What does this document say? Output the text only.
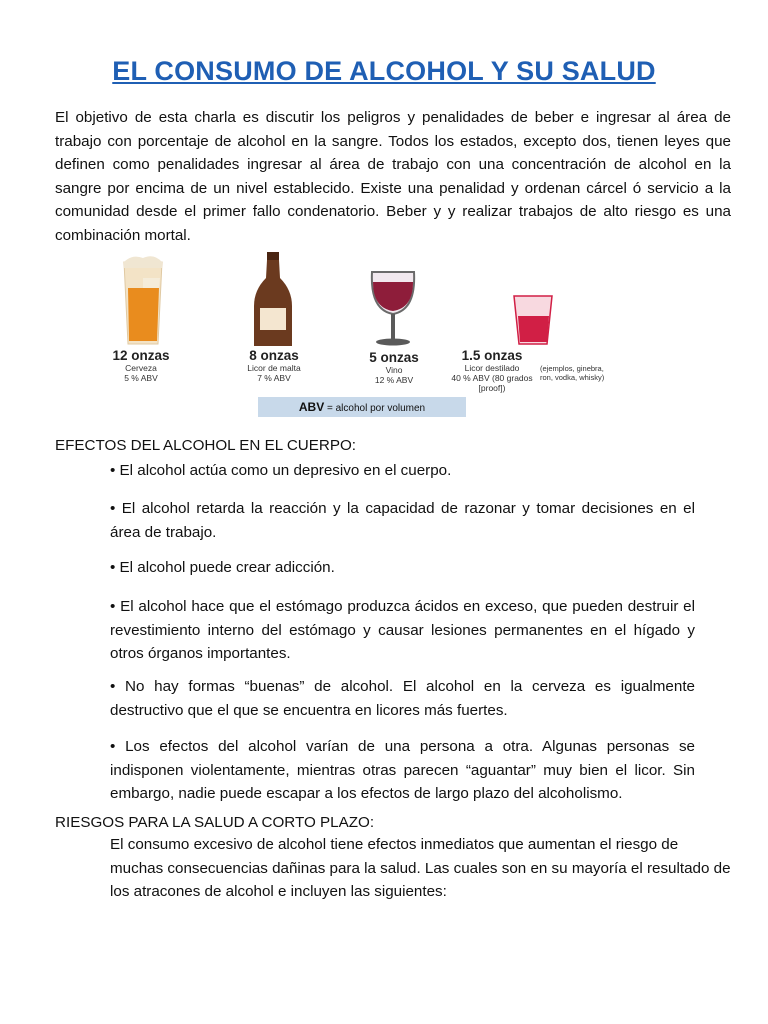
EL CONSUMO DE ALCOHOL Y SU SALUD
El objetivo de esta charla es discutir los peligros y penalidades de beber e ingresar al área de trabajo con porcentaje de alcohol en la sangre. Todos los estados, excepto dos, tienen leyes que definen como penalidades ingresar al área de trabajo con una concentración de alcohol en la sangre por encima de un nivel establecido. Existe una penalidad y ordenan cárcel ó servicio a la comunidad desde el primer fallo condenatorio. Beber y y realizar trabajos de alto riesgo es una combinación mortal.
12 onzas
Cerveza
5 % ABV
8 onzas
Licor de malta
7 % ABV
5 onzas
Vino
12 % ABV
1.5 onzas
Licor destilado
40 % ABV (80 grados [proof])
(ejemplos, ginebra, ron, vodka, whisky)
ABV = alcohol por volumen
EFECTOS DEL ALCOHOL EN EL CUERPO:
• El alcohol actúa como un depresivo en el cuerpo.
• El alcohol retarda la reacción y la capacidad de razonar y tomar decisiones en el área de trabajo.
• El alcohol puede crear adicción.
• El alcohol hace que el estómago produzca ácidos en exceso, que pueden destruir el revestimiento interno del estómago y causar lesiones permanentes en el hígado y otros órganos importantes.
• No hay formas “buenas” de alcohol. El alcohol en la cerveza es igualmente destructivo que el que se encuentra en licores más fuertes.
• Los efectos del alcohol varían de una persona a otra. Algunas personas se indisponen violentamente, mientras otras parecen “aguantar” muy bien el licor. Sin embargo, nadie puede escapar a los efectos de largo plazo del alcoholismo.
RIESGOS PARA LA SALUD A CORTO PLAZO:
El consumo excesivo de alcohol tiene efectos inmediatos que aumentan el riesgo de muchas consecuencias dañinas para la salud. Las cuales son en su mayoría el resultado de los atracones de alcohol e incluyen las siguientes:
